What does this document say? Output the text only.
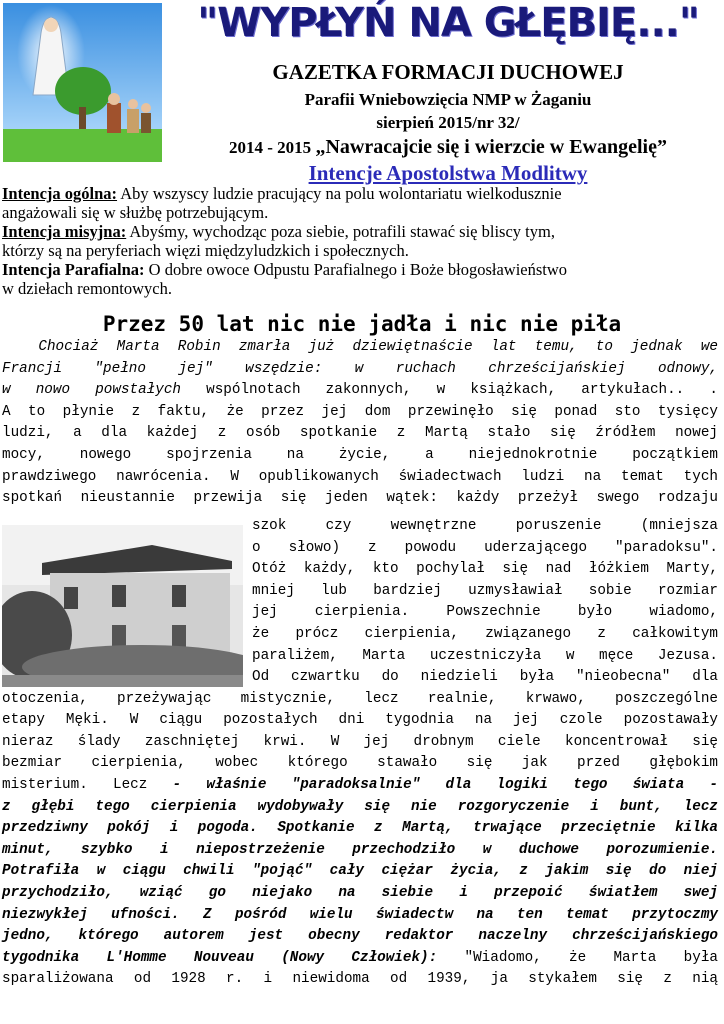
"WYPŁYŃ NA GŁĘBIĘ..."
GAZETKA FORMACJI DUCHOWEJ
Parafii Wniebowzięcia NMP w Żaganiu
sierpień 2015/nr 32/
2014 - 2015 „Nawracajcie się i wierzcie w Ewangelię”
Intencje Apostolstwa Modlitwy

Intencja ogólna: Aby wszyscy ludzie pracujący na polu wolontariatu wielkodusznie
angażowali się w służbę potrzebującym.

Intencja misyjna: Abyśmy, wychodząc poza siebie, potrafili stawać się bliscy tym,
którzy są na peryferiach więzi międzyludzkich i społecznych.

Intencja Parafialna: O dobre owoce Odpustu Parafialnego i Boże błogosławieństwo
w dziełach remontowych.

Przez 50 lat nic nie jadła i nic nie piła
Chociaż Marta Robin zmarła już dziewiętnaście lat temu, to jednak we
Francji "pełno jej" wszędzie: w ruchach chrześcijańskiej odnowy,
w nowo powstałych wspólnotach zakonnych, w książkach, artykułach.. .
A to płynie z faktu, że przez jej dom przewinęło się ponad sto tysięcy
ludzi, a dla każdej z osób spotkanie z Martą stało się źródłem nowej
mocy, nowego spojrzenia na życie, a niejednokrotnie początkiem
prawdziwego nawrócenia. W opublikowanych świadectwach ludzi na temat tych
spotkań nieustannie przewija się jeden wątek: każdy przeżył swego rodzaju
szok czy wewnętrzne poruszenie (mniejsza
o słowo) z powodu uderzającego "paradoksu".
Otóż każdy, kto pochylał się nad łóżkiem Marty,
mniej lub bardziej uzmysławiał sobie rozmiar
jej cierpienia. Powszechnie było wiadomo,
że prócz cierpienia, związanego z całkowitym
paraliżem, Marta uczestniczyła w męce Jezusa.
Od czwartku do niedzieli była "nieobecna" dla
otoczenia, przeżywając mistycznie, lecz realnie, krwawo, poszczególne
etapy Męki. W ciągu pozostałych dni tygodnia na jej czole pozostawały
nieraz ślady zaschniętej krwi. W jej drobnym ciele koncentrował się
bezmiar cierpienia, wobec którego stawało się jak przed głębokim
misterium. Lecz - właśnie "paradoksalnie" dla logiki tego świata -
z głębi tego cierpienia wydobywały się nie rozgoryczenie i bunt, lecz
przedziwny pokój i pogoda. Spotkanie z Martą, trwające przeciętnie kilka
minut, szybko i niepostrzeżenie przechodziło w duchowe porozumienie.
Potrafiła w ciągu chwili "pojąć" cały ciężar życia, z jakim się do niej
przychodziło, wziąć go niejako na siebie i przepoić światłem swej
niezwykłej ufności. Z pośród wielu świadectw na ten temat przytoczmy
jedno, którego autorem jest obecny redaktor naczelny chrześcijańskiego
tygodnika L'Homme Nouveau (Nowy Człowiek): "Wiadomo, że Marta była
sparaliżowana od 1928 r. i niewidoma od 1939, ja stykałem się z nią
